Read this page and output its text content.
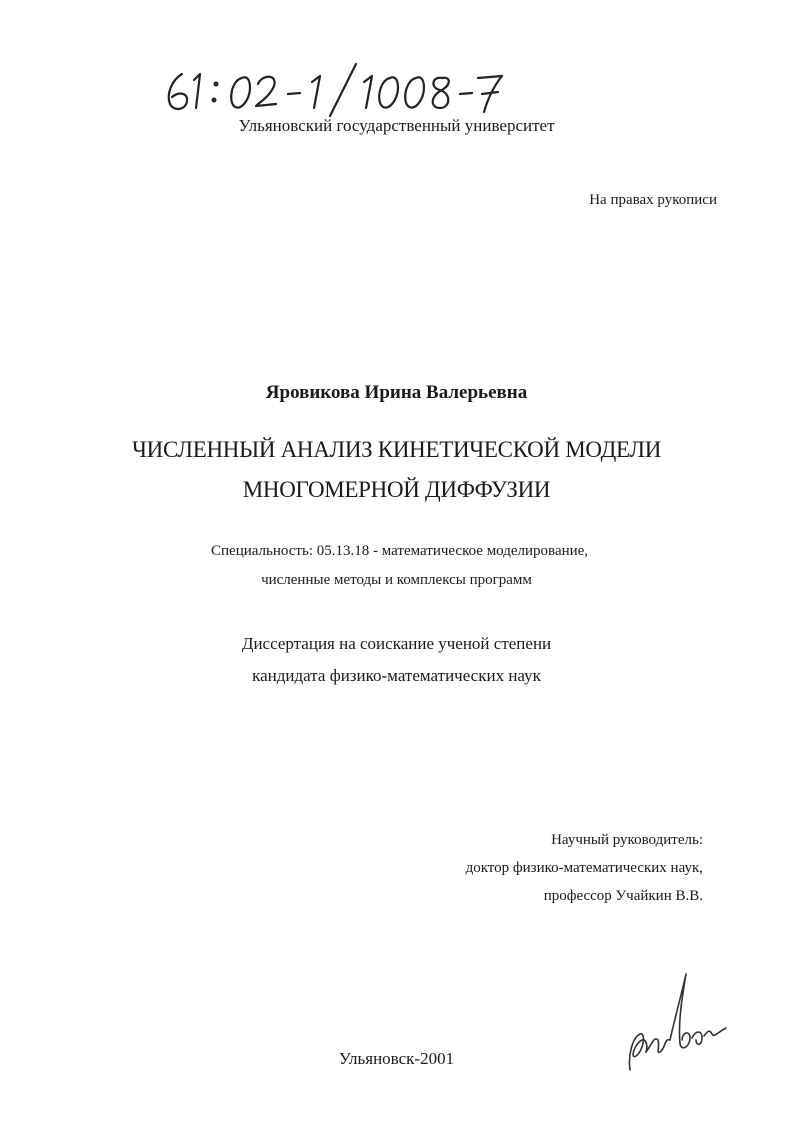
Ульяновский государственный университет
На правах рукописи
Яровикова Ирина Валерьевна
ЧИСЛЕННЫЙ АНАЛИЗ КИНЕТИЧЕСКОЙ МОДЕЛИ
МНОГОМЕРНОЙ ДИФФУЗИИ
Специальность: 05.13.18 - математическое моделирование,
численные методы и комплексы программ
Диссертация на соискание ученой степени
кандидата физико-математических наук
Научный руководитель:
доктор физико-математических наук,
профессор Учайкин В.В.
Ульяновск-2001
